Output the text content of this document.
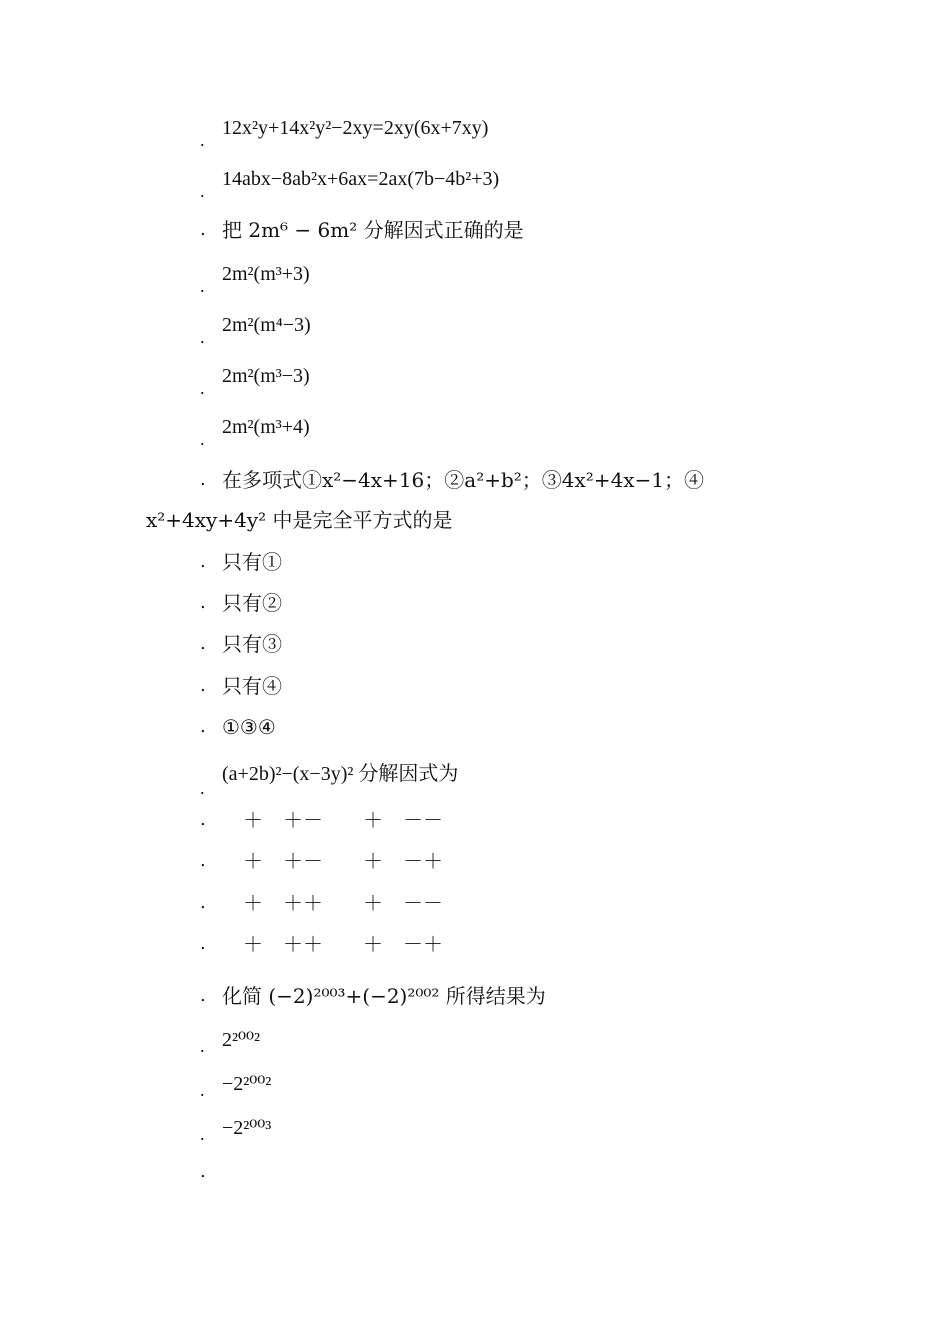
.
12x²y+14x²y²−2xy=2xy(6x+7xy)
.
14abx−8ab²x+6ax=2ax(7b−4b²+3)
. 把 2m⁶ − 6m² 分解因式正确的是
.
2m²(m³+3)
.
2m²(m⁴−3)
.
2m²(m³−3)
.
2m²(m³+4)
. 在多项式①x²−4x+16；②a²+b²；③4x²+4x−1；④
x²+4xy+4y² 中是完全平方式的是
. 只有①
. 只有②
. 只有③
. 只有④
. ①③④
.
(a+2b)²−(x−3y)² 分解因式为
. ＋　＋－　　＋　－－
. ＋　＋－　　＋　－＋
. ＋　＋＋　　＋　－－
. ＋　＋＋　　＋　－＋
. 化简 (−2)²⁰⁰³+(−2)²⁰⁰² 所得结果为
. 2²⁰⁰²
. −2²⁰⁰²
. −2²⁰⁰³
.
